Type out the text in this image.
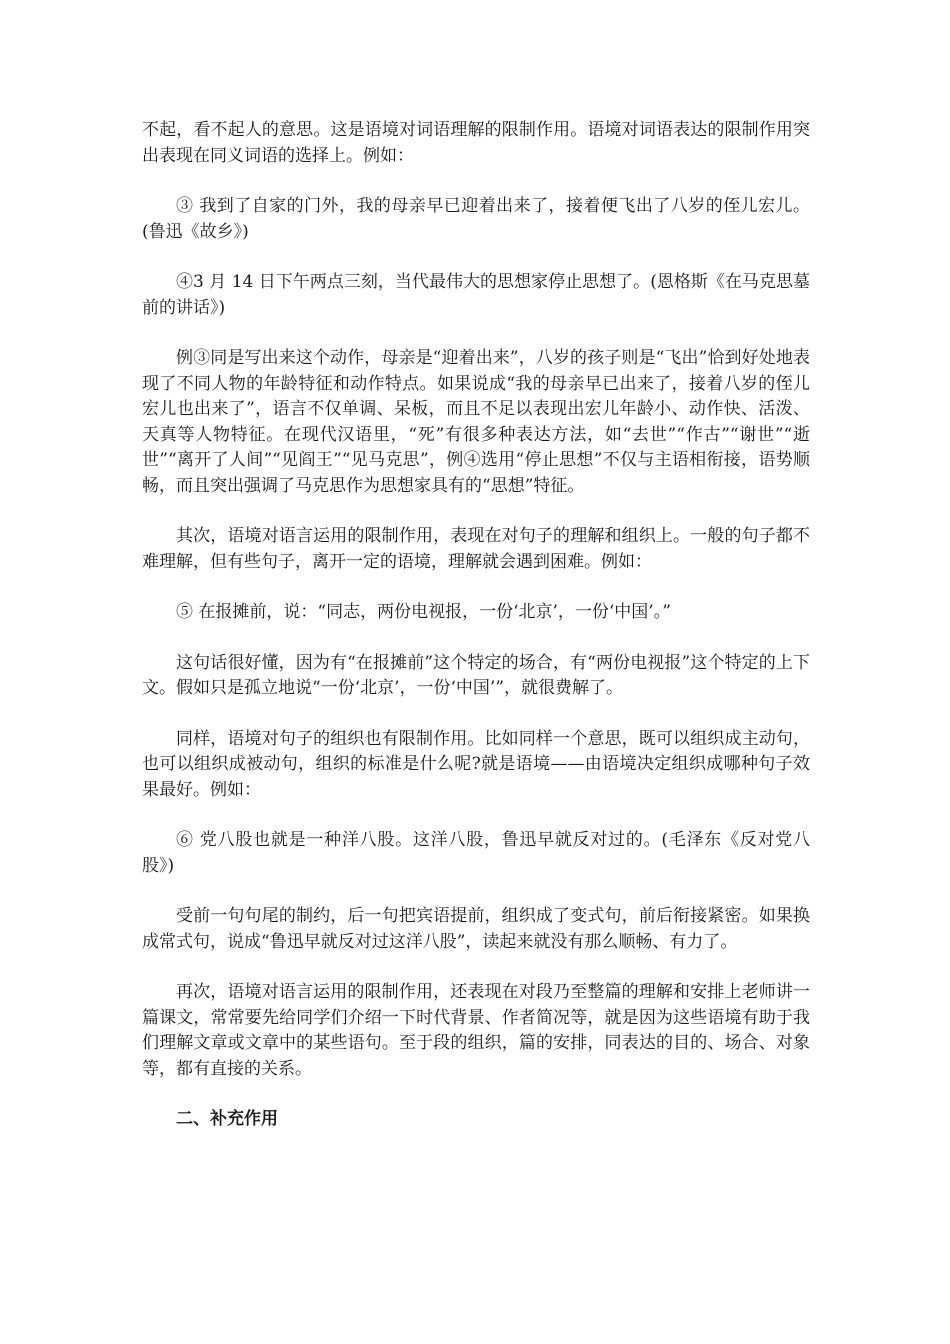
不起，看不起人的意思。这是语境对词语理解的限制作用。语境对词语表达的限制作用突出表现在同义词语的选择上。例如：

③ 我到了自家的门外，我的母亲早已迎着出来了，接着便飞出了八岁的侄儿宏儿。(鲁迅《故乡》)

④3 月 14 日下午两点三刻，当代最伟大的思想家停止思想了。(恩格斯《在马克思墓前的讲话》)

例③同是写出来这个动作，母亲是“迎着出来”，八岁的孩子则是“飞出”恰到好处地表现了不同人物的年龄特征和动作特点。如果说成“我的母亲早已出来了，接着八岁的侄儿宏儿也出来了”，语言不仅单调、呆板，而且不足以表现出宏儿年龄小、动作快、活泼、天真等人物特征。在现代汉语里，“死”有很多种表达方法，如“去世”“作古”“谢世”“逝世”“离开了人间”“见阎王”“见马克思”，例④选用“停止思想”不仅与主语相衔接，语势顺畅，而且突出强调了马克思作为思想家具有的“思想”特征。

其次，语境对语言运用的限制作用，表现在对句子的理解和组织上。一般的句子都不难理解，但有些句子，离开一定的语境，理解就会遇到困难。例如：

⑤ 在报摊前，说：“同志，两份电视报，一份‘北京’，一份‘中国’。”

这句话很好懂，因为有“在报摊前”这个特定的场合，有“两份电视报”这个特定的上下文。假如只是孤立地说“一份‘北京’，一份‘中国’”，就很费解了。

同样，语境对句子的组织也有限制作用。比如同样一个意思，既可以组织成主动句，也可以组织成被动句，组织的标准是什么呢?就是语境——由语境决定组织成哪种句子效果最好。例如：

⑥ 党八股也就是一种洋八股。这洋八股，鲁迅早就反对过的。(毛泽东《反对党八股》)

受前一句句尾的制约，后一句把宾语提前，组织成了变式句，前后衔接紧密。如果换成常式句，说成“鲁迅早就反对过这洋八股”，读起来就没有那么顺畅、有力了。

再次，语境对语言运用的限制作用，还表现在对段乃至整篇的理解和安排上老师讲一篇课文，常常要先给同学们介绍一下时代背景、作者简况等，就是因为这些语境有助于我们理解文章或文章中的某些语句。至于段的组织，篇的安排，同表达的目的、场合、对象等，都有直接的关系。

二、补充作用
